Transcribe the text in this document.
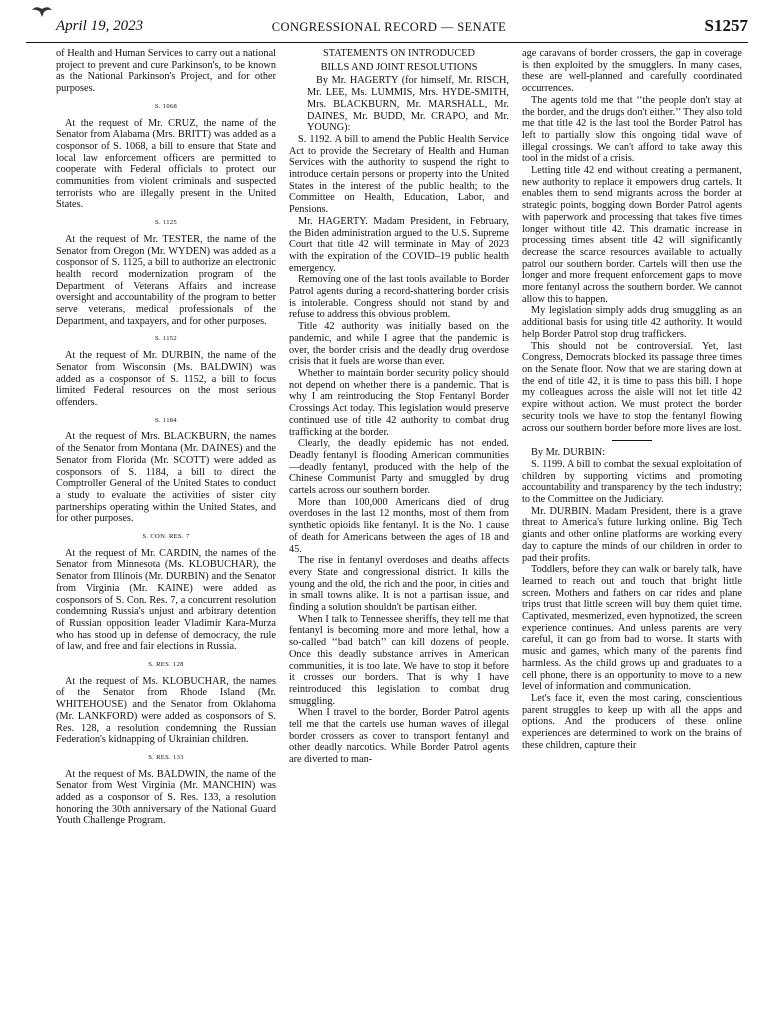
April 19, 2023	CONGRESSIONAL RECORD — SENATE	S1257

of Health and Human Services to carry out a national project to prevent and cure Parkinson's, to be known as the National Parkinson's Project, and for other purposes.

S. 1068

At the request of Mr. CRUZ, the name of the Senator from Alabama (Mrs. BRITT) was added as a cosponsor of S. 1068, a bill to ensure that State and local law enforcement officers are permitted to cooperate with Federal officials to protect our communities from violent criminals and suspected terrorists who are illegally present in the United States.

S. 1125

At the request of Mr. TESTER, the name of the Senator from Oregon (Mr. WYDEN) was added as a cosponsor of S. 1125, a bill to authorize an electronic health record modernization program of the Department of Veterans Affairs and increase oversight and accountability of the program to better serve veterans, medical professionals of the Department, and taxpayers, and for other purposes.

S. 1152

At the request of Mr. DURBIN, the name of the Senator from Wisconsin (Ms. BALDWIN) was added as a cosponsor of S. 1152, a bill to focus limited Federal resources on the most serious offenders.

S. 1184

At the request of Mrs. BLACKBURN, the names of the Senator from Montana (Mr. DAINES) and the Senator from Florida (Mr. SCOTT) were added as cosponsors of S. 1184, a bill to direct the Comptroller General of the United States to conduct a study to evaluate the activities of sister city partnerships operating within the United States, and for other purposes.

S. CON. RES. 7

At the request of Mr. CARDIN, the names of the Senator from Minnesota (Ms. KLOBUCHAR), the Senator from Illinois (Mr. DURBIN) and the Senator from Virginia (Mr. KAINE) were added as cosponsors of S. Con. Res. 7, a concurrent resolution condemning Russia's unjust and arbitrary detention of Russian opposition leader Vladimir Kara-Murza who has stood up in defense of democracy, the rule of law, and free and fair elections in Russia.

S. RES. 128

At the request of Ms. KLOBUCHAR, the names of the Senator from Rhode Island (Mr. WHITEHOUSE) and the Senator from Oklahoma (Mr. LANKFORD) were added as cosponsors of S. Res. 128, a resolution condemning the Russian Federation's kidnapping of Ukrainian children.

S. RES. 133

At the request of Ms. BALDWIN, the name of the Senator from West Virginia (Mr. MANCHIN) was added as a cosponsor of S. Res. 133, a resolution honoring the 30th anniversary of the National Guard Youth Challenge Program.

STATEMENTS ON INTRODUCED
BILLS AND JOINT RESOLUTIONS

By Mr. HAGERTY (for himself, Mr. RISCH, Mr. LEE, Ms. LUMMIS, Mrs. HYDE-SMITH, Mrs. BLACKBURN, Mr. MARSHALL, Mr. DAINES, Mr. BUDD, Mr. CRAPO, and Mr. YOUNG):

S. 1192. A bill to amend the Public Health Service Act to provide the Secretary of Health and Human Services with the authority to suspend the right to introduce certain persons or property into the United States in the interest of the public health; to the Committee on Health, Education, Labor, and Pensions.

Mr. HAGERTY. Madam President, in February, the Biden administration argued to the U.S. Supreme Court that title 42 will terminate in May of 2023 with the expiration of the COVID–19 public health emergency.

Removing one of the last tools available to Border Patrol agents during a record-shattering border crisis is intolerable. Congress should not stand by and refuse to address this obvious problem.

Title 42 authority was initially based on the pandemic, and while I agree that the pandemic is over, the border crisis and the deadly drug overdose crisis that it fuels are worse than ever.

Whether to maintain border security policy should not depend on whether there is a pandemic. That is why I am reintroducing the Stop Fentanyl Border Crossings Act today. This legislation would preserve continued use of title 42 authority to combat drug trafficking at the border.

Clearly, the deadly epidemic has not ended. Deadly fentanyl is flooding American communities—deadly fentanyl, produced with the help of the Chinese Communist Party and smuggled by drug cartels across our southern border.

More than 100,000 Americans died of drug overdoses in the last 12 months, most of them from synthetic opioids like fentanyl. It is the No. 1 cause of death for Americans between the ages of 18 and 45.

The rise in fentanyl overdoses and deaths affects every State and congressional district. It kills the young and the old, the rich and the poor, in cities and in small towns alike. It is not a partisan issue, and finding a solution shouldn't be partisan either.

When I talk to Tennessee sheriffs, they tell me that fentanyl is becoming more and more lethal, how a so-called ‘‘bad batch’’ can kill dozens of people. Once this deadly substance arrives in American communities, it is too late. We have to stop it before it crosses our borders. That is why I have reintroduced this legislation to combat drug smuggling.

When I travel to the border, Border Patrol agents tell me that the cartels use human waves of illegal border crossers as cover to transport fentanyl and other deadly narcotics. While Border Patrol agents are diverted to man-

age caravans of border crossers, the gap in coverage is then exploited by the smugglers. In many cases, these are well-planned and carefully coordinated occurrences.

The agents told me that ‘‘the people don't stay at the border, and the drugs don't either.’’ They also told me that title 42 is the last tool the Border Patrol has left to partially slow this ongoing tidal wave of illegal crossings. We can't afford to take away this tool in the midst of a crisis.

Letting title 42 end without creating a permanent, new authority to replace it empowers drug cartels. It enables them to send migrants across the border at strategic points, bogging down Border Patrol agents with paperwork and processing that takes five times longer without title 42. This dramatic increase in processing times absent title 42 will significantly decrease the scarce resources available to actually patrol our southern border. Cartels will then use the longer and more frequent enforcement gaps to move more fentanyl across the southern border. We cannot allow this to happen.

My legislation simply adds drug smuggling as an additional basis for using title 42 authority. It would help Border Patrol stop drug traffickers.

This should not be controversial. Yet, last Congress, Democrats blocked its passage three times on the Senate floor. Now that we are staring down at the end of title 42, it is time to pass this bill. I hope my colleagues across the aisle will not let title 42 expire without action. We must protect the border security tools we have to stop the fentanyl flowing across our southern border before more lives are lost.

By Mr. DURBIN:

S. 1199. A bill to combat the sexual exploitation of children by supporting victims and promoting accountability and transparency by the tech industry; to the Committee on the Judiciary.

Mr. DURBIN. Madam President, there is a grave threat to America's future lurking online. Big Tech giants and other online platforms are working every day to capture the minds of our children in order to pad their profits.

Toddlers, before they can walk or barely talk, have learned to reach out and touch that bright little screen. Mothers and fathers on car rides and plane trips trust that little screen will buy them quiet time. Captivated, mesmerized, even hypnotized, the screen experience continues. And unless parents are very careful, it can go from bad to worse. It starts with music and games, which many of the parents find harmless. As the child grows up and graduates to a cell phone, there is an opportunity to move to a new level of information and communication.

Let's face it, even the most caring, conscientious parent struggles to keep up with all the apps and options. And the producers of these online experiences are determined to work on the brains of these children, capture their
